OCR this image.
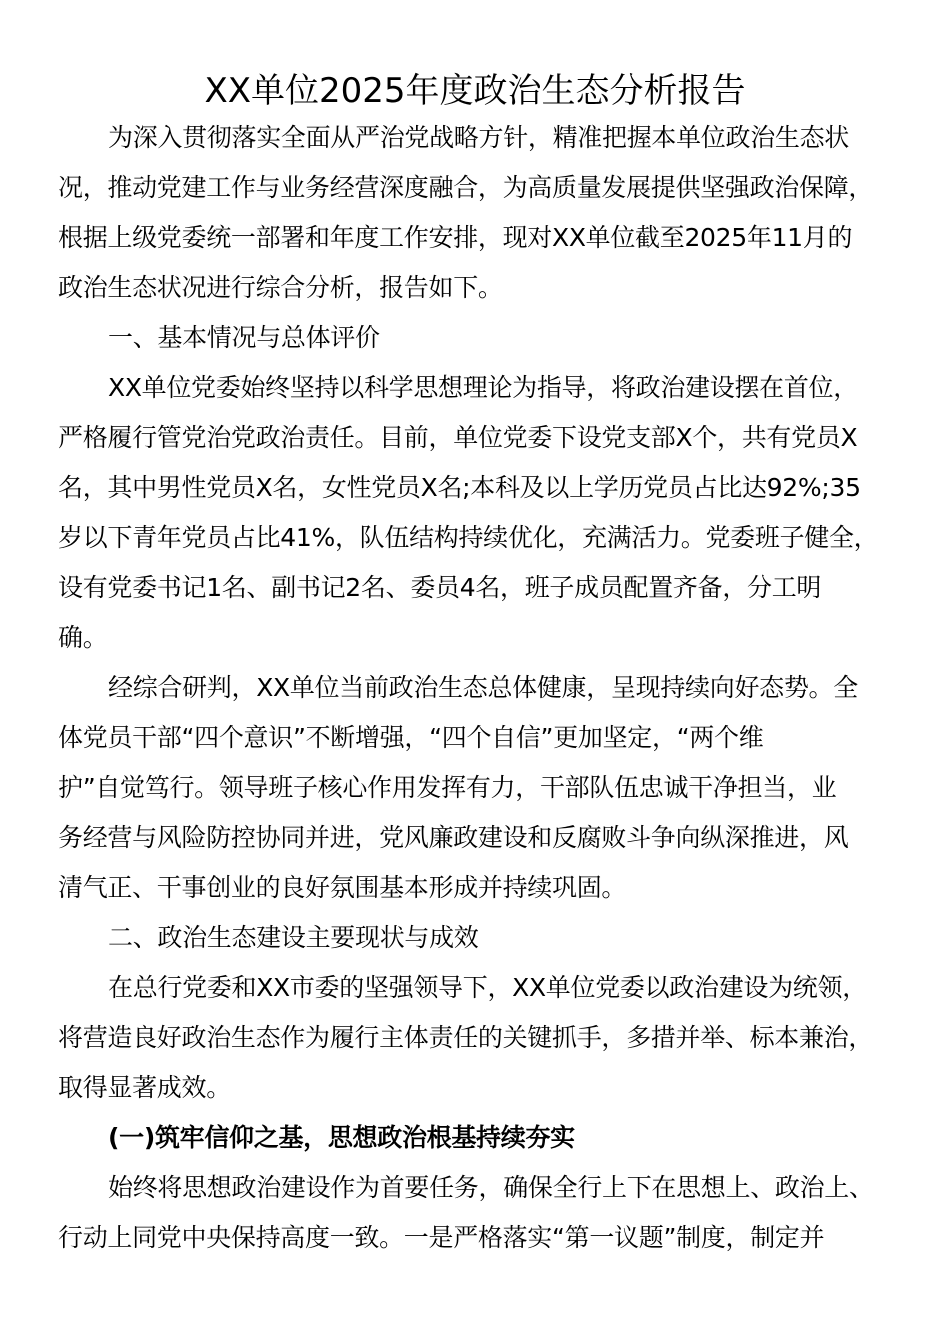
XX单位2025年度政治生态分析报告
为深入贯彻落实全面从严治党战略方针，精准把握本单位政治生态状
况，推动党建工作与业务经营深度融合，为高质量发展提供坚强政治保障，
根据上级党委统一部署和年度工作安排，现对XX单位截至2025年11月的
政治生态状况进行综合分析，报告如下。
一、基本情况与总体评价
XX单位党委始终坚持以科学思想理论为指导，将政治建设摆在首位，
严格履行管党治党政治责任。目前，单位党委下设党支部X个，共有党员X
名，其中男性党员X名，女性党员X名;本科及以上学历党员占比达92%;35
岁以下青年党员占比41%，队伍结构持续优化，充满活力。党委班子健全，
设有党委书记1名、副书记2名、委员4名，班子成员配置齐备，分工明
确。
经综合研判，XX单位当前政治生态总体健康，呈现持续向好态势。全
体党员干部“四个意识”不断增强，“四个自信”更加坚定，“两个维
护”自觉笃行。领导班子核心作用发挥有力，干部队伍忠诚干净担当，业
务经营与风险防控协同并进，党风廉政建设和反腐败斗争向纵深推进，风
清气正、干事创业的良好氛围基本形成并持续巩固。
二、政治生态建设主要现状与成效
在总行党委和XX市委的坚强领导下，XX单位党委以政治建设为统领，
将营造良好政治生态作为履行主体责任的关键抓手，多措并举、标本兼治，
取得显著成效。
(一)筑牢信仰之基，思想政治根基持续夯实
始终将思想政治建设作为首要任务，确保全行上下在思想上、政治上、
行动上同党中央保持高度一致。一是严格落实“第一议题”制度，制定并
